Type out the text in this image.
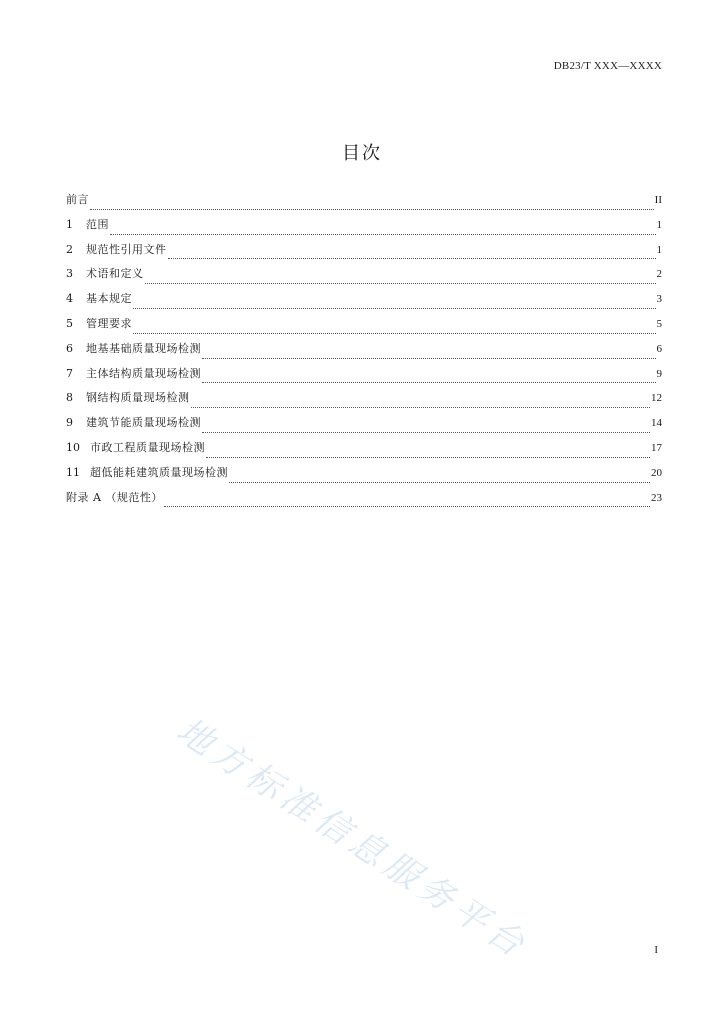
DB23/T XXX—XXXX
目次
前言	II
1	范围	1
2	规范性引用文件	1
3	术语和定义	2
4	基本规定	3
5	管理要求	5
6	地基基础质量现场检测	6
7	主体结构质量现场检测	9
8	钢结构质量现场检测	12
9	建筑节能质量现场检测	14
10 市政工程质量现场检测	17
11 超低能耗建筑质量现场检测	20
附录 A （规范性）	23
地方标准信息服务平台	I
